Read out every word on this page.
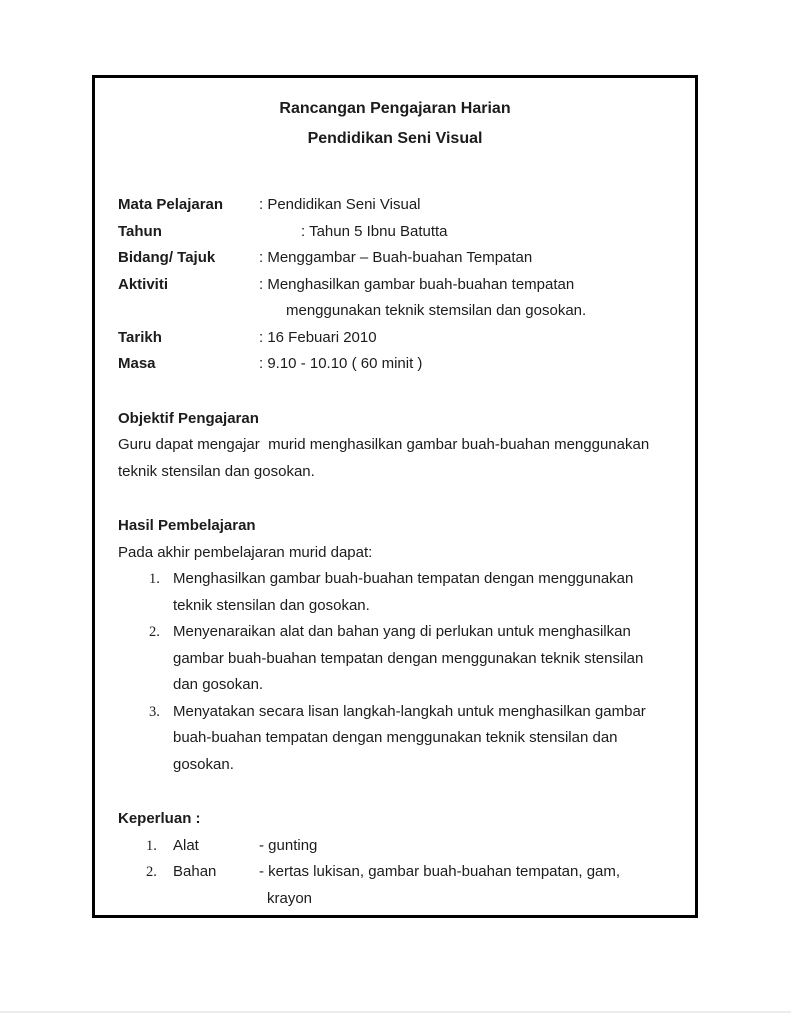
Rancangan Pengajaran Harian
Pendidikan Seni Visual
Mata Pelajaran	: Pendidikan Seni Visual
Tahun	: Tahun 5 Ibnu Batutta
Bidang/ Tajuk	: Menggambar – Buah-buahan Tempatan
Aktiviti	: Menghasilkan gambar buah-buahan tempatan
menggunakan teknik stemsilan dan gosokan.
Tarikh	: 16 Febuari 2010
Masa	: 9.10 - 10.10 ( 60 minit )
Objektif Pengajaran
Guru dapat mengajar  murid menghasilkan gambar buah-buahan menggunakan teknik stensilan dan gosokan.
Hasil Pembelajaran
Pada akhir pembelajaran murid dapat:
1. Menghasilkan gambar buah-buahan tempatan dengan menggunakan teknik stensilan dan gosokan.
2. Menyenaraikan alat dan bahan yang di perlukan untuk menghasilkan gambar buah-buahan tempatan dengan menggunakan teknik stensilan dan gosokan.
3. Menyatakan secara lisan langkah-langkah untuk menghasilkan gambar buah-buahan tempatan dengan menggunakan teknik stensilan dan gosokan.
Keperluan :
1.	Alat	- gunting
2.	Bahan	- kertas lukisan, gambar buah-buahan tempatan, gam,
krayon
